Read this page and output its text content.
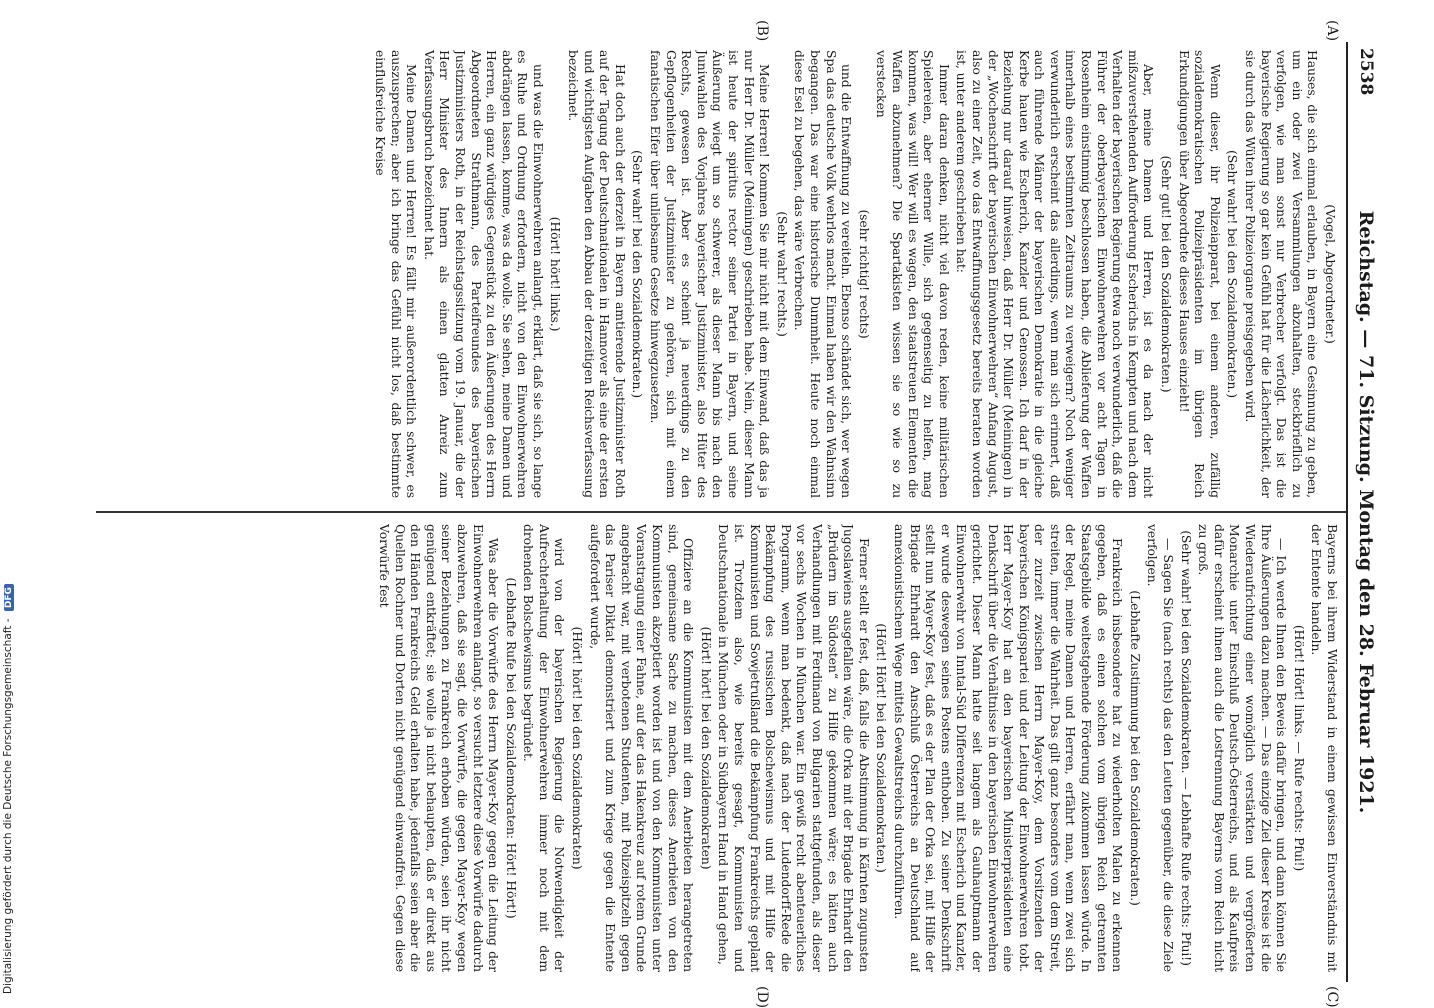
2538
Reichstag. — 71. Sitzung. Montag den 28. Februar 1921.
(A)
(B)
(C)
(D)

(Vogel, Abgeordneter.)

Hauses, die sich einmal erlauben, in Bayern eine Gesinnung zu geben, um ein oder zwei Versammlungen abzuhalten, steckbrieflich zu verfolgen, wie man sonst nur Verbrecher verfolgt. Das ist die bayerische Regierung so gar kein Gefühl hat für die Lächerlichkeit, der sie durch das Wüten ihrer Polizeiorgane preisgegeben wird.

(Sehr wahr! bei den Sozialdemokraten.)

Wenn dieser, ihr Polizeiapparat, bei einem anderen, zufällig sozialdemokratischen Polizeipräsidenten im übrigen Reich Erkundigungen über Abgeordnete dieses Hauses einzieht!

(Sehr gut! bei den Sozialdemokraten.)

Aber, meine Damen und Herren, ist es da nach der nicht mißzuverstehenden Aufforderung Escherichs in Kempten und nach dem Verhalten der bayerischen Regierung etwa noch verwunderlich, daß die Führer der oberbayerischen Einwohnerwehren vor acht Tagen in Rosenheim einstimmig beschlossen haben, die Ablieferung der Waffen innerhalb eines bestimmten Zeitraums zu verweigern? Noch weniger verwunderlich erscheint das allerdings, wenn man sich erinnert, daß auch führende Männer der bayerischen Demokratie in die gleiche Kerbe hauen wie Escherich, Kanzler und Genossen. Ich darf in der Beziehung nur darauf hinweisen, daß Herr Dr. Müller (Meiningen) in der „Wochenschrift der bayerischen Einwohnerwehren“ Anfang August, also zu einer Zeit, wo das Entwaffnungsgesetz bereits beraten worden ist, unter anderem geschrieben hat:

Immer daran denken, nicht viel davon reden, keine militärischen Spielereien, aber eherner Wille, sich gegenseitig zu helfen, mag kommen, was will! Wer will es wagen, den staatstreuen Elementen die Waffen abzunehmen? Die Spartakisten wissen sie so wie so zu verstecken

(sehr richtig! rechts)

und die Entwaffnung zu vereiteln. Ebenso schändet sich, wer wegen Spa das deutsche Volk wehrlos macht. Einmal haben wir den Wahnsinn begangen. Das war eine historische Dummheit. Heute noch einmal diese Esel zu begehen, das wäre Verbrechen.

(Sehr wahr! rechts.)

Meine Herren! Kommen Sie mir nicht mit dem Einwand, daß das ja nur Herr Dr. Müller (Meiningen) geschrieben habe. Nein, dieser Mann ist heute der spiritus rector seiner Partei in Bayern, und seine Äußerung wiegt um so schwerer, als dieser Mann bis nach den Juniwahlen des Vorjahres bayerischer Justizminister, also Hüter des Rechts, gewesen ist. Aber es scheint ja neuerdings zu den Gepflogenheiten der Justizminister zu gehören, sich mit einem fanatischen Eifer über unliebsame Gesetze hinwegzusetzen.

(Sehr wahr! bei den Sozialdemokraten.)

Hat doch auch der derzeit in Bayern amtierende Justizminister Roth auf der Tagung der Deutschnationalen in Hannover als eine der ersten und wichtigsten Aufgaben den Abbau der derzeitigen Reichsverfassung bezeichnet.

(Hört! hört! links.)

und was die Einwohnerwehren anlangt, erklärt, daß sie sich, so lange es Ruhe und Ordnung erfordern, nicht von den Einwohnerwehren abdrängen lassen, komme, was da wolle. Sie sehen, meine Damen und Herren, ein ganz würdiges Gegenstück zu den Äußerungen des Herrn Abgeordneten Strathmann, des Parteifreundes des bayerischen Justizministers Roth, in der Reichstagssitzung vom 19. Januar, die der Herr Minister des Innern als einen glatten Anreiz zum Verfassungsbruch bezeichnet hat.

Meine Damen und Herren! Es fällt mir außerordentlich schwer, es auszusprechen; aber ich bringe das Gefühl nicht los, daß bestimmte einflußreiche Kreise

Bayerns bei ihrem Widerstand in einem gewissen Einverständnis mit der Entente handeln.

(Hört! Hört! links. — Rufe rechts: Pfui!)

— Ich werde Ihnen den Beweis dafür bringen, und dann können Sie Ihre Äußerungen dazu machen. — Das einzige Ziel dieser Kreise ist die Wiederaufrichtung einer womöglich verstärkten und vergrößerten Monarchie unter Einschluß Deutsch-Österreichs, und als Kaufpreis dafür erscheint ihnen auch die Lostrennung Bayerns vom Reich nicht zu groß.

(Sehr wahr! bei den Sozialdemokraten. — Lebhafte Rufe rechts: Pfui!)

— Sagen Sie (nach rechts) das den Leuten gegenüber, die diese Ziele verfolgen.

(Lebhafte Zustimmung bei den Sozialdemokraten.)

Frankreich insbesondere hat zu wiederholten Malen zu erkennen gegeben, daß es einen solchen vom übrigen Reich getrennten Staatsgebilde weitestgehende Förderung zukommen lassen würde. In der Regel, meine Damen und Herren, erfährt man, wenn zwei sich streiten, immer die Wahrheit. Das gilt ganz besonders vom dem Streit, der zurzeit zwischen Herrn Mayer-Koy, dem Vorsitzenden der bayerischen Königspartei und der Leitung der Einwohnerwehren tobt. Herr Mayer-Koy hat an den bayerischen Ministerpräsidenten eine Denkschrift über die Verhältnisse in den bayerischen Einwohnerwehren gerichtet. Dieser Mann hatte seit langem als Gauhauptmann der Einwohnerwehr von Inntal-Süd Differenzen mit Escherich und Kanzler, er wurde deswegen seines Postens enthoben. Zu seiner Denkschrift stellt nun Mayer-Koy fest, daß es der Plan der Orka sei, mit Hilfe der Brigade Ehrhardt den Anschluß Österreichs an Deutschland auf annexionistischem Wege mittels Gewaltstreichs durchzuführen.

(Hört! Hört! bei den Sozialdemokraten.)

Ferner stellt er fest, daß, falls die Abstimmung in Kärnten zugunsten Jugoslawiens ausgefallen wäre, die Orka mit der Brigade Ehrhardt den „Brüdern im Südosten“ zu Hilfe gekommen wäre; es hätten auch Verhandlungen mit Ferdinand von Bulgarien stattgefunden, als dieser vor sechs Wochen in München war. Ein gewiß recht abenteuerliches Programm, wenn man bedenkt, daß nach der Ludendorff-Rede die Bekämpfung des russischen Bolschewismus und mit Hilfe der Kommunisten und Sowjetrußland die Bekämpfung Frankreichs geplant ist. Trotzdem also, wie bereits gesagt, Kommunisten und Deutschnationale in München oder in Südbayern Hand in Hand gehen,

(Hört! hört! bei den Sozialdemokraten)

Offiziere an die Kommunisten mit dem Anerbieten herangetreten sind, gemeinsame Sache zu machen, dieses Anerbieten von den Kommunisten akzeptiert worden ist und von den Kommunisten unter Voranstragung einer Fahne, auf der das Hakenkreuz auf rotem Grunde angebracht war, mit verbotenen Studenten, mit Polizeispitzeln gegen das Pariser Diktat demonstriert und zum Kriege gegen die Entente aufgefordert wurde,

(Hört! hört! bei den Sozialdemokraten)

wird von der bayerischen Regierung die Notwendigkeit der Aufrechterhaltung der Einwohnerwehren immer noch mit dem drohenden Bolschewismus begründet.

(Lebhafte Rufe bei den Sozialdemokraten: Hört! Hört!)

Was aber die Vorwürfe des Herrn Mayer-Koy gegen die Leitung der Einwohnerwehren anlangt, so versucht letztere diese Vorwürfe dadurch abzuwehren, daß sie sagt, die Vorwürfe, die gegen Mayer-Koy wegen seiner Beziehungen zu Frankreich erhoben würden, seien ihr nicht genügend entkräftet; sie wolle ja nicht behaupten, daß er direkt aus den Händen Frankreichs Geld erhalten habe, jedenfalls seien aber die Quellen Rochner und Dorten nicht genügend einwandfrei. Gegen diese Vorwürfe fest

Digitalisierung gefördert durch die Deutsche Forschungsgemeinschaft - DFG
